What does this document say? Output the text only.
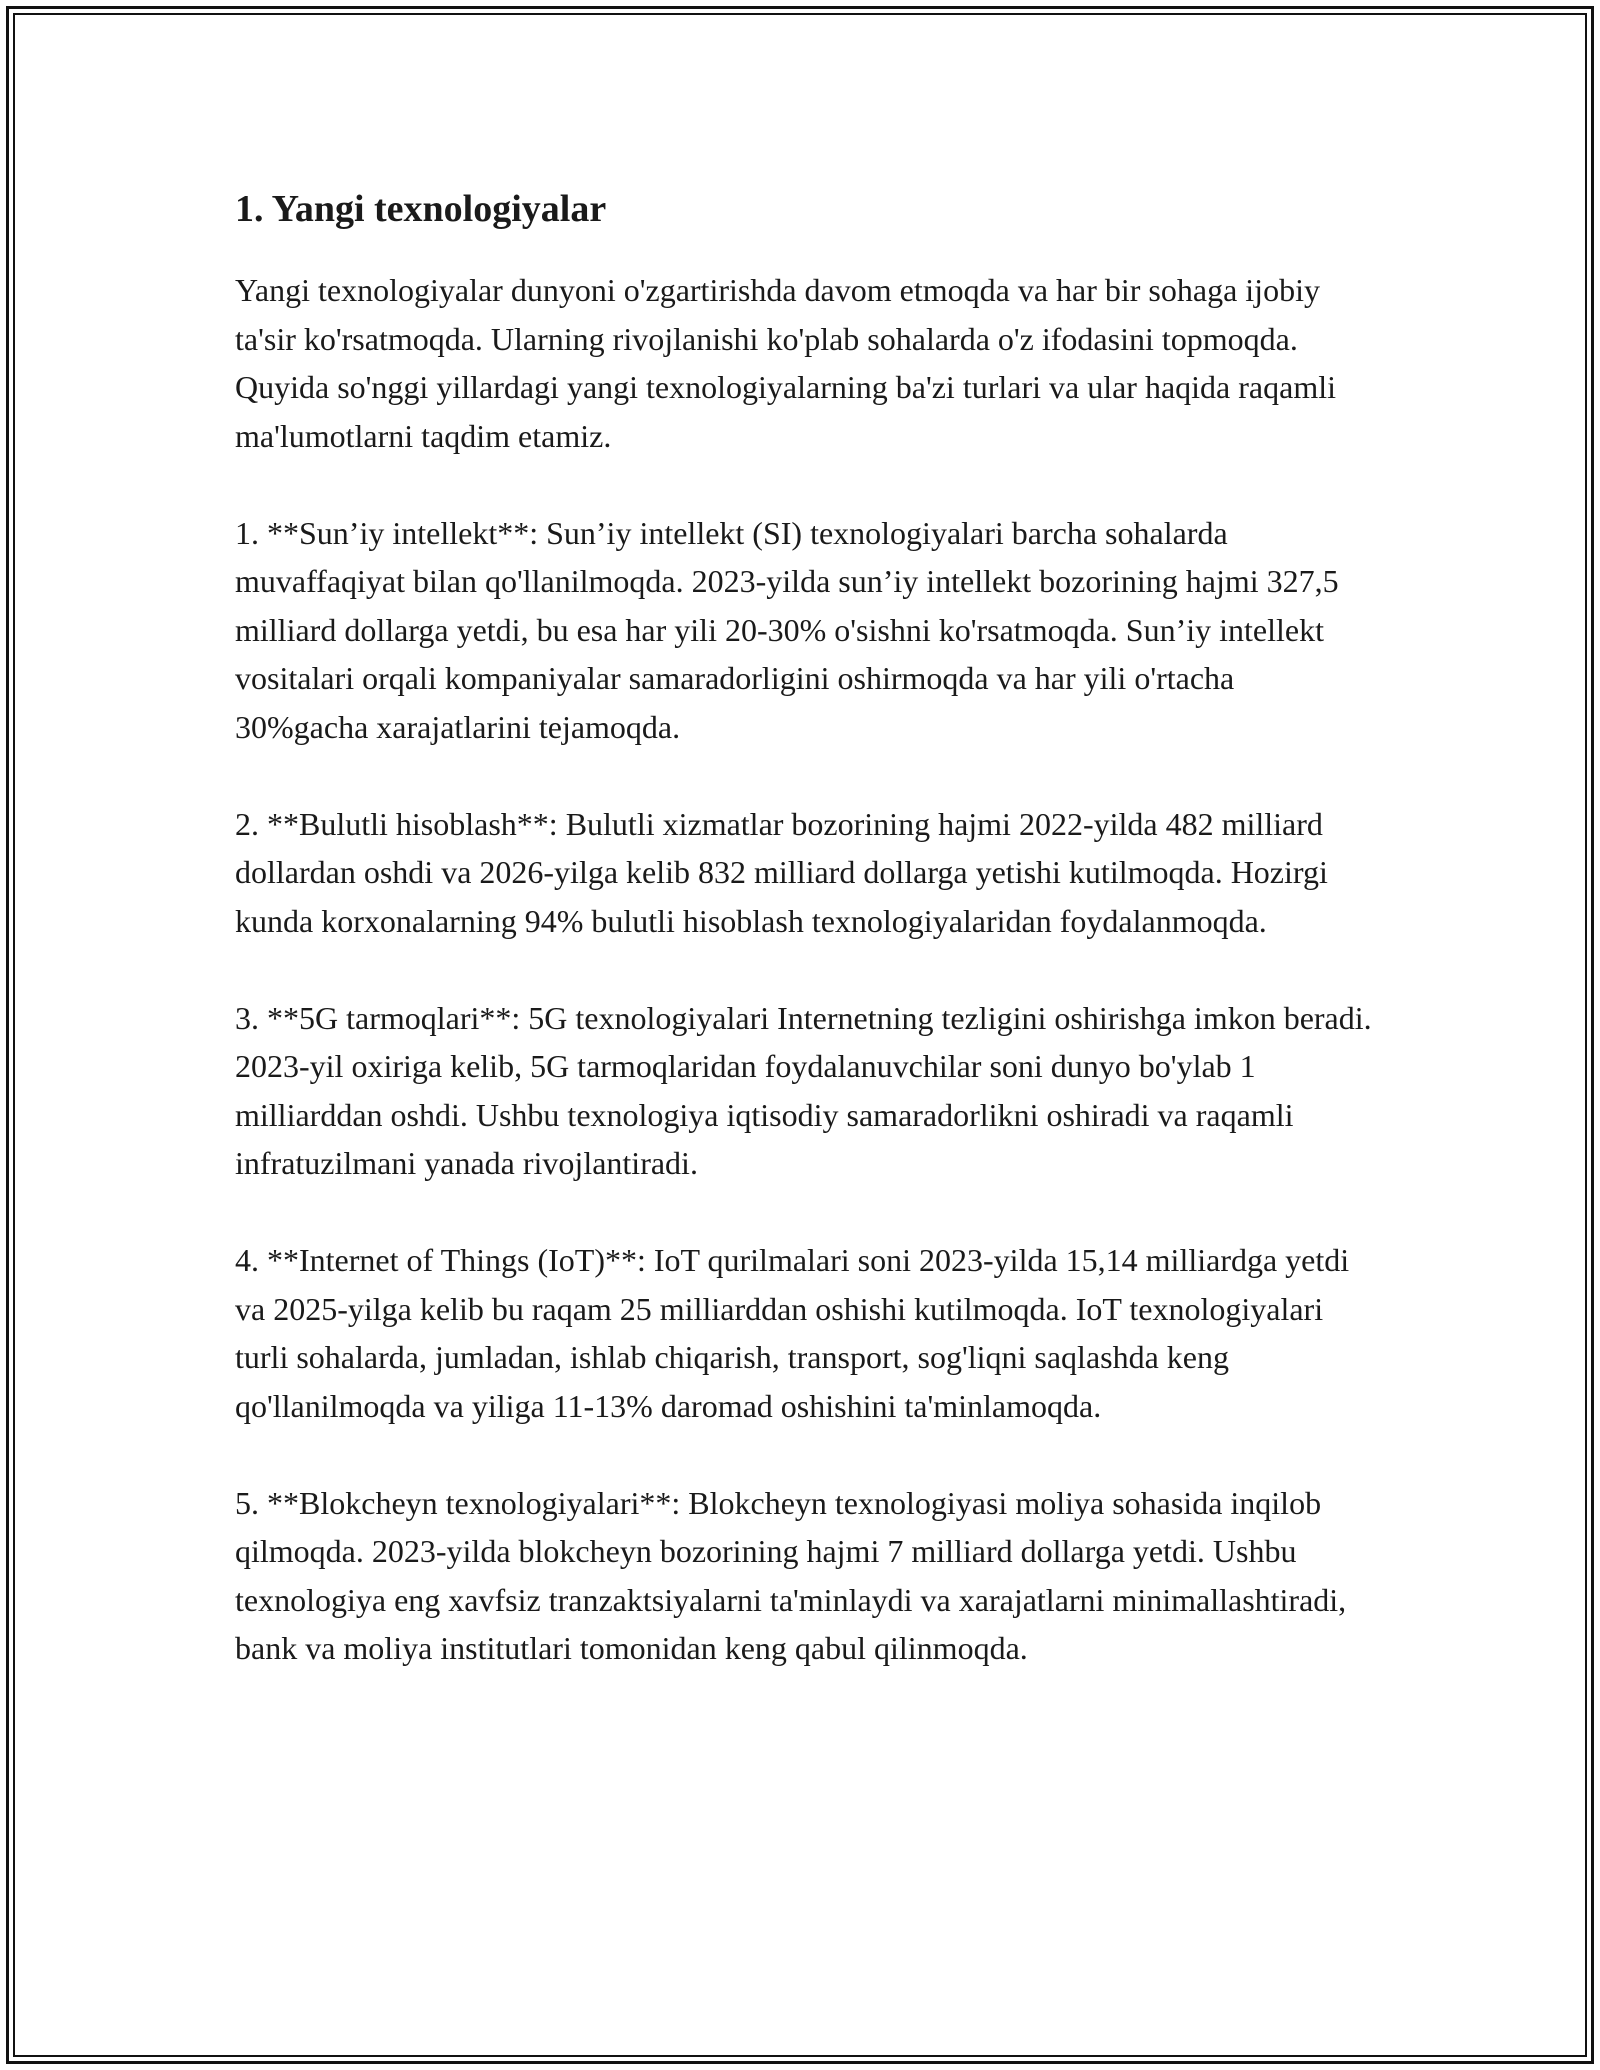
1. Yangi texnologiyalar

Yangi texnologiyalar dunyoni o'zgartirishda davom etmoqda va har bir sohaga ijobiy ta'sir ko'rsatmoqda. Ularning rivojlanishi ko'plab sohalarda o'z ifodasini topmoqda. Quyida so'nggi yillardagi yangi texnologiyalarning ba'zi turlari va ular haqida raqamli ma'lumotlarni taqdim etamiz.

1. **Sun’iy intellekt**: Sun’iy intellekt (SI) texnologiyalari barcha sohalarda muvaffaqiyat bilan qo'llanilmoqda. 2023-yilda sun’iy intellekt bozorining hajmi 327,5 milliard dollarga yetdi, bu esa har yili 20-30% o'sishni ko'rsatmoqda. Sun’iy intellekt vositalari orqali kompaniyalar samaradorligini oshirmoqda va har yili o'rtacha 30%gacha xarajatlarini tejamoqda.

2. **Bulutli hisoblash**: Bulutli xizmatlar bozorining hajmi 2022-yilda 482 milliard dollardan oshdi va 2026-yilga kelib 832 milliard dollarga yetishi kutilmoqda. Hozirgi kunda korxonalarning 94% bulutli hisoblash texnologiyalaridan foydalanmoqda.

3. **5G tarmoqlari**: 5G texnologiyalari Internetning tezligini oshirishga imkon beradi. 2023-yil oxiriga kelib, 5G tarmoqlaridan foydalanuvchilar soni dunyo bo'ylab 1 milliarddan oshdi. Ushbu texnologiya iqtisodiy samaradorlikni oshiradi va raqamli infratuzilmani yanada rivojlantiradi.

4. **Internet of Things (IoT)**: IoT qurilmalari soni 2023-yilda 15,14 milliardga yetdi va 2025-yilga kelib bu raqam 25 milliarddan oshishi kutilmoqda. IoT texnologiyalari turli sohalarda, jumladan, ishlab chiqarish, transport, sog'liqni saqlashda keng qo'llanilmoqda va yiliga 11-13% daromad oshishini ta'minlamoqda.

5. **Blokcheyn texnologiyalari**: Blokcheyn texnologiyasi moliya sohasida inqilob qilmoqda. 2023-yilda blokcheyn bozorining hajmi 7 milliard dollarga yetdi. Ushbu texnologiya eng xavfsiz tranzaktsiyalarni ta'minlaydi va xarajatlarni minimallashtiradi, bank va moliya institutlari tomonidan keng qabul qilinmoqda.
